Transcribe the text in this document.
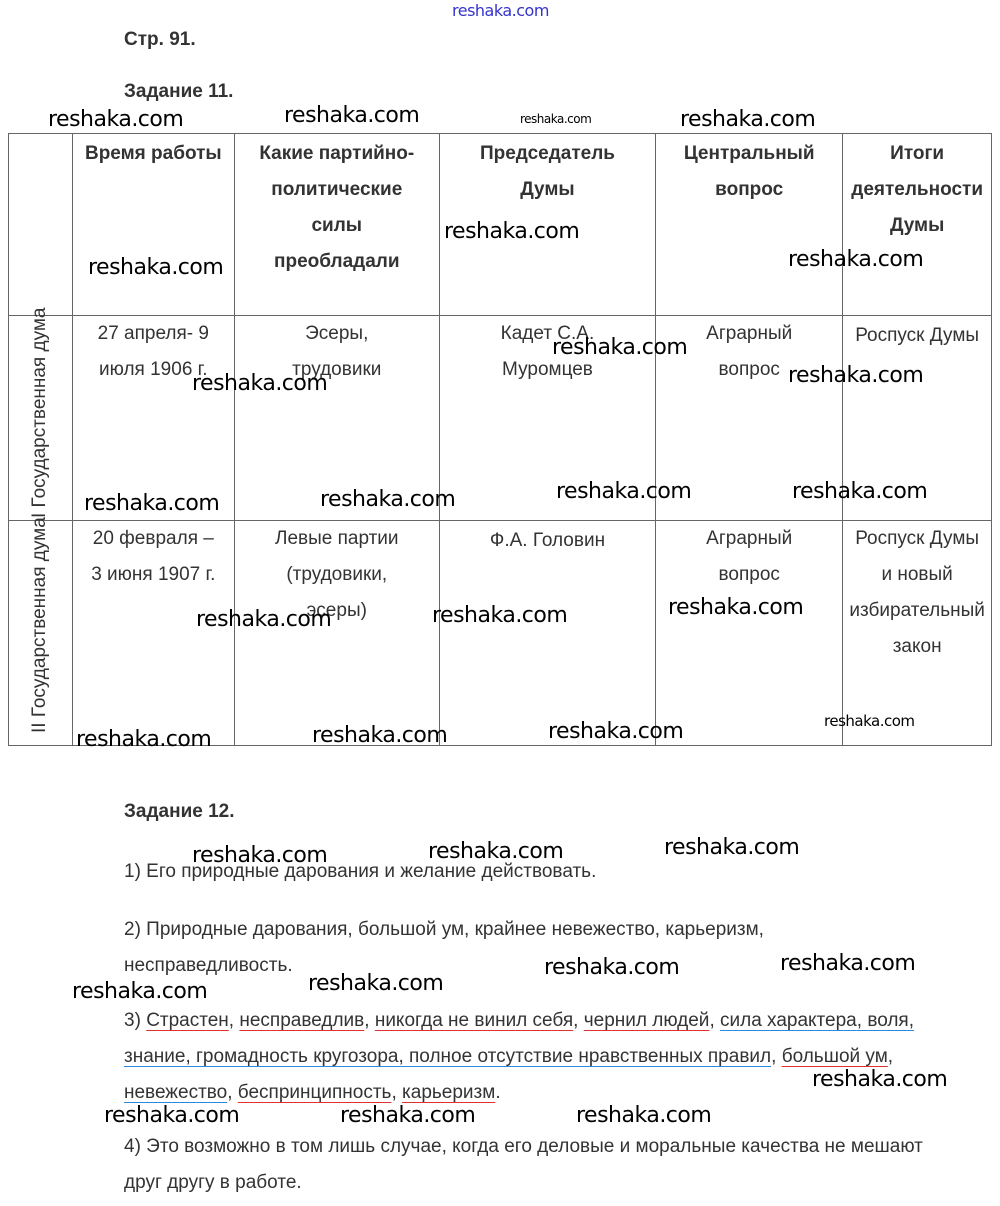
reshaka.com
Стр. 91.
Задание 11.
	Время работы	Какие партийно-политические силы преобладали	Председатель Думы	Центральный вопрос	Итоги деятельности Думы

I Государственная дума	27 апреля- 9 июля 1906 г.	Эсеры, трудовики	Кадет С.А. Муромцев	Аграрный вопрос	Роспуск Думы

II Государственная дума	20 февраля – 3 июня 1907 г.	Левые партии (трудовики, эсеры)	Ф.А. Головин	Аграрный вопрос	Роспуск Думы и новый избирательный закон
Задание 12.
1) Его природные дарования и желание действовать.
2) Природные дарования, большой ум, крайнее невежество, карьеризм, несправедливость.
3) Страстен, несправедлив, никогда не винил себя, чернил людей, сила характера, воля, знание, громадность кругозора, полное отсутствие нравственных правил, большой ум, невежество, беспринципность, карьеризм.
4) Это возможно в том лишь случае, когда его деловые и моральные качества не мешают друг другу в работе.
reshaka.com	reshaka.com	reshaka.com
reshaka.com
reshaka.com	reshaka.com
reshaka.com
reshaka.com	reshaka.com
reshaka.com	reshaka.com	reshaka.com	reshaka.com
reshaka.com	reshaka.com	reshaka.com
reshaka.com	reshaka.com	reshaka.com
reshaka.com	reshaka.com	reshaka.com
reshaka.com	reshaka.com
reshaka.com	reshaka.com
reshaka.com
reshaka.com	reshaka.com	reshaka.com
reshaka.com
reshaka.com
